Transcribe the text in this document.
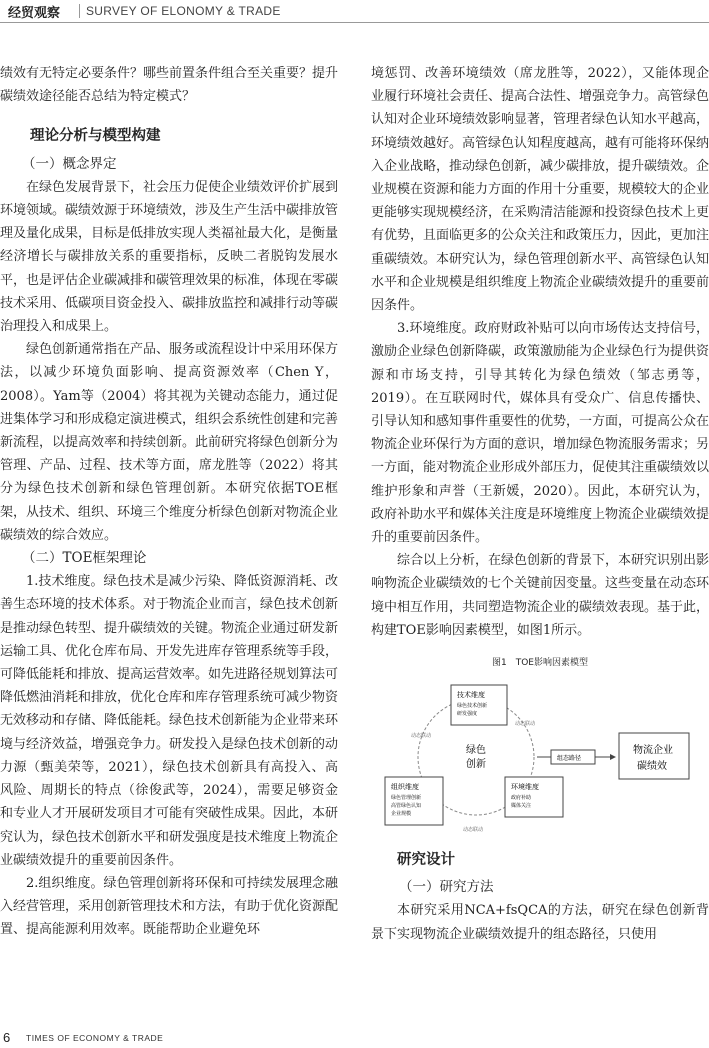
经贸观察 SURVEY OF ELONOMY & TRADE

绩效有无特定必要条件？哪些前置条件组合至关重要？提升碳绩效途径能否总结为特定模式？

理论分析与模型构建
（一）概念界定

在绿色发展背景下，社会压力促使企业绩效评价扩展到环境领域。碳绩效源于环境绩效，涉及生产生活中碳排放管理及量化成果，目标是低排放实现人类福祉最大化，是衡量经济增长与碳排放关系的重要指标，反映二者脱钩发展水平，也是评估企业碳减排和碳管理效果的标准，体现在零碳技术采用、低碳项目资金投入、碳排放监控和减排行动等碳治理投入和成果上。

绿色创新通常指在产品、服务或流程设计中采用环保方法，以减少环境负面影响、提高资源效率（Chen Y，2008）。Yam等（2004）将其视为关键动态能力，通过促进集体学习和形成稳定演进模式，组织会系统性创建和完善新流程，以提高效率和持续创新。此前研究将绿色创新分为管理、产品、过程、技术等方面，席龙胜等（2022）将其分为绿色技术创新和绿色管理创新。本研究依据TOE框架，从技术、组织、环境三个维度分析绿色创新对物流企业碳绩效的综合效应。

（二）TOE框架理论

1.技术维度。绿色技术是减少污染、降低资源消耗、改善生态环境的技术体系。对于物流企业而言，绿色技术创新是推动绿色转型、提升碳绩效的关键。物流企业通过研发新运输工具、优化仓库布局、开发先进库存管理系统等手段，可降低能耗和排放、提高运营效率。如先进路径规划算法可降低燃油消耗和排放，优化仓库和库存管理系统可减少物资无效移动和存储、降低能耗。绿色技术创新能为企业带来环境与经济效益，增强竞争力。研发投入是绿色技术创新的动力源（甄美荣等，2021），绿色技术创新具有高投入、高风险、周期长的特点（徐俊武等，2024），需要足够资金和专业人才开展研发项目才可能有突破性成果。因此，本研究认为，绿色技术创新水平和研发强度是技术维度上物流企业碳绩效提升的重要前因条件。

2.组织维度。绿色管理创新将环保和可持续发展理念融入经营管理，采用创新管理技术和方法，有助于优化资源配置、提高能源利用效率。既能帮助企业避免环

境惩罚、改善环境绩效（席龙胜等，2022），又能体现企业履行环境社会责任、提高合法性、增强竞争力。高管绿色认知对企业环境绩效影响显著，管理者绿色认知水平越高，环境绩效越好。高管绿色认知程度越高，越有可能将环保纳入企业战略，推动绿色创新，减少碳排放，提升碳绩效。企业规模在资源和能力方面的作用十分重要，规模较大的企业更能够实现规模经济，在采购清洁能源和投资绿色技术上更有优势，且面临更多的公众关注和政策压力，因此，更加注重碳绩效。本研究认为，绿色管理创新水平、高管绿色认知水平和企业规模是组织维度上物流企业碳绩效提升的重要前因条件。

3.环境维度。政府财政补贴可以向市场传达支持信号，激励企业绿色创新降碳，政策激励能为企业绿色行为提供资源和市场支持，引导其转化为绿色绩效（邹志勇等，2019）。在互联网时代，媒体具有受众广、信息传播快、引导认知和感知事件重要性的优势，一方面，可提高公众在物流企业环保行为方面的意识，增加绿色物流服务需求；另一方面，能对物流企业形成外部压力，促使其注重碳绩效以维护形象和声誉（王新媛，2020）。因此，本研究认为，政府补助水平和媒体关注度是环境维度上物流企业碳绩效提升的重要前因条件。

综合以上分析，在绿色创新的背景下，本研究识别出影响物流企业碳绩效的七个关键前因变量。这些变量在动态环境中相互作用，共同塑造物流企业的碳绩效表现。基于此，构建TOE影响因素模型，如图1所示。

图1　TOE影响因素模型
技术维度
绿色技术创新
研发强度
组织维度
绿色管理创新
高管绿色认知
企业规模
环境维度
政府补助
媒体关注
绿色
创新
动态联动
动态联动
动态联动
组态路径
物流企业
碳绩效
研究设计
（一）研究方法

本研究采用NCA+fsQCA的方法，研究在绿色创新背景下实现物流企业碳绩效提升的组态路径，只使用

6 TIMES OF ECONOMY & TRADE
